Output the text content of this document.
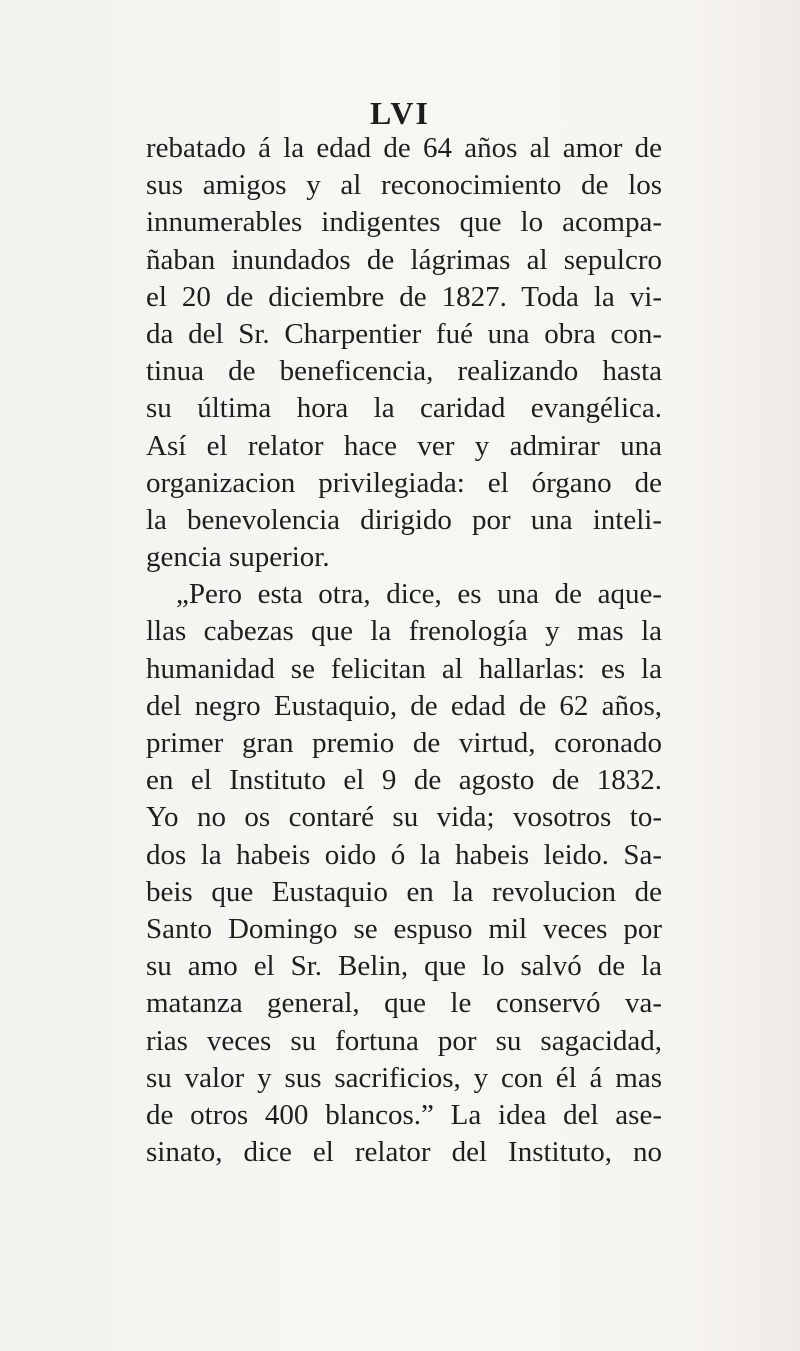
LVI
rebatado á la edad de 64 años al amor de
sus amigos y al reconocimiento de los
innumerables indigentes que lo acompa-
ñaban inundados de lágrimas al sepulcro
el 20 de diciembre de 1827. Toda la vi-
da del Sr. Charpentier fué una obra con-
tinua de beneficencia, realizando hasta
su última hora la caridad evangélica.
Así el relator hace ver y admirar una
organizacion privilegiada: el órgano de
la benevolencia dirigido por una inteli-
gencia superior.
„Pero esta otra, dice, es una de aque-
llas cabezas que la frenología y mas la
humanidad se felicitan al hallarlas: es la
del negro Eustaquio, de edad de 62 años,
primer gran premio de virtud, coronado
en el Instituto el 9 de agosto de 1832.
Yo no os contaré su vida; vosotros to-
dos la habeis oido ó la habeis leido. Sa-
beis que Eustaquio en la revolucion de
Santo Domingo se espuso mil veces por
su amo el Sr. Belin, que lo salvó de la
matanza general, que le conservó va-
rias veces su fortuna por su sagacidad,
su valor y sus sacrificios, y con él á mas
de otros 400 blancos.” La idea del ase-
sinato, dice el relator del Instituto, no
